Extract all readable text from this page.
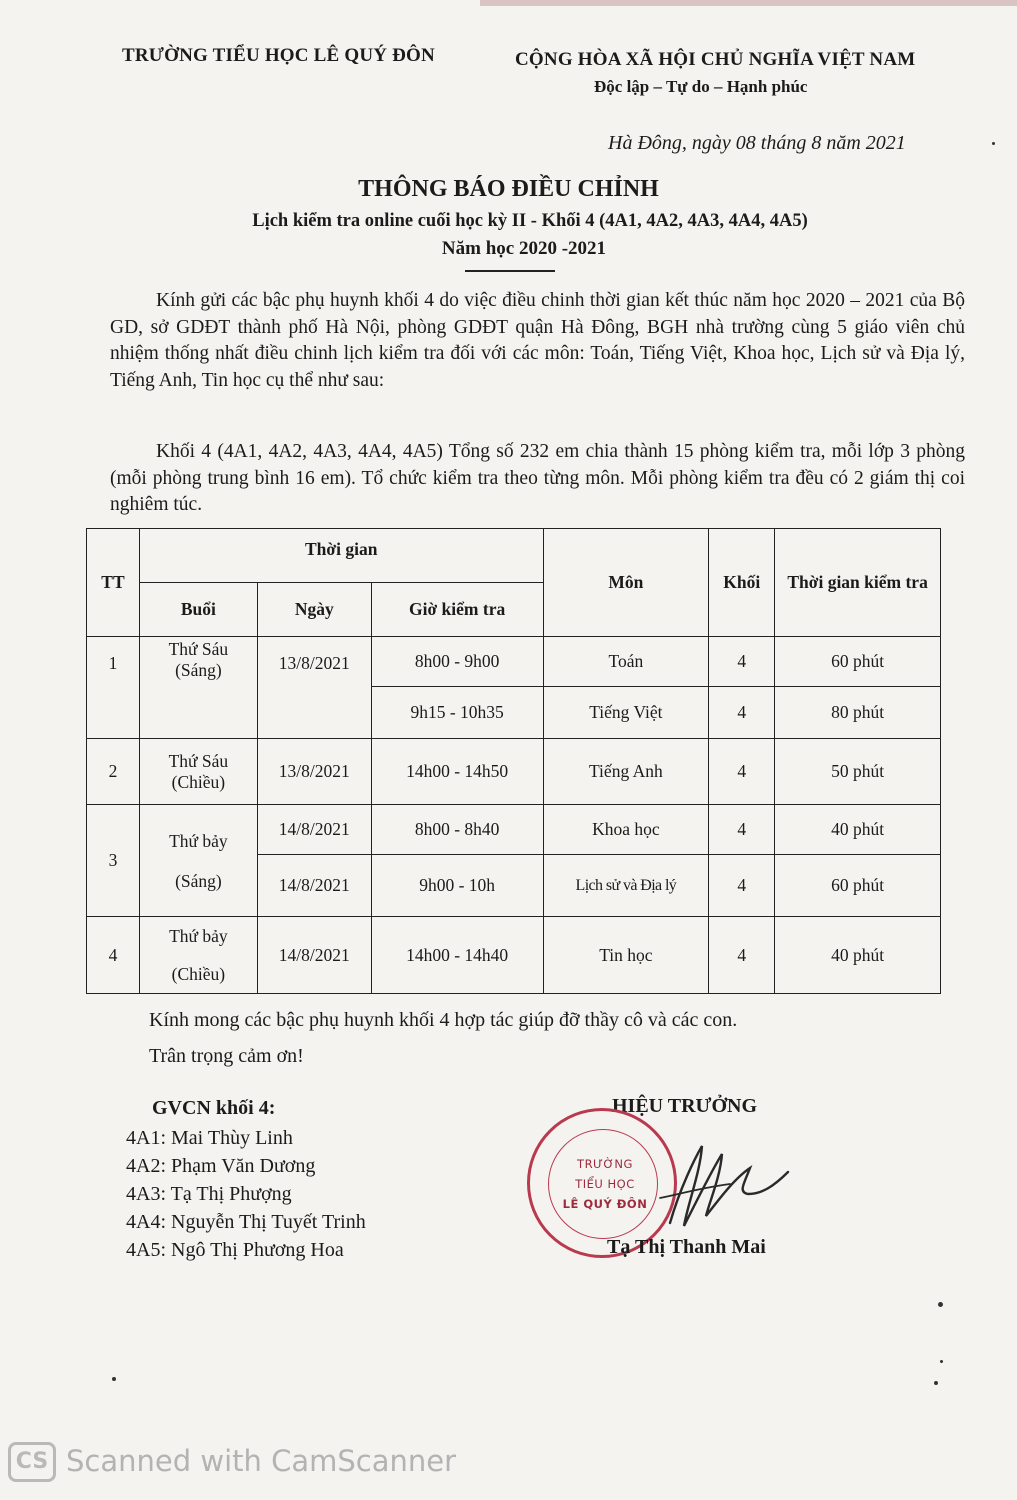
TRƯỜNG TIỂU HỌC LÊ QUÝ ĐÔN	CỘNG HÒA XÃ HỘI CHỦ NGHĨA VIỆT NAM
Độc lập – Tự do – Hạnh phúc
Hà Đông, ngày 08 tháng 8 năm 2021
THÔNG BÁO ĐIỀU CHỈNH
Lịch kiểm tra online cuối học kỳ II - Khối 4 (4A1, 4A2, 4A3, 4A4, 4A5)
Năm học 2020 -2021
Kính gửi các bậc phụ huynh khối 4 do việc điều chinh thời gian kết thúc năm học 2020 – 2021 của Bộ GD, sở GDĐT thành phố Hà Nội, phòng GDĐT quận Hà Đông, BGH nhà trường cùng 5 giáo viên chủ nhiệm thống nhất điều chinh lịch kiểm tra đối với các môn: Toán, Tiếng Việt, Khoa học, Lịch sử và Địa lý, Tiếng Anh, Tin học cụ thể như sau:
Khối 4 (4A1, 4A2, 4A3, 4A4, 4A5) Tổng số 232 em chia thành 15 phòng kiểm tra, mỗi lớp 3 phòng (mỗi phòng trung bình 16 em). Tổ chức kiểm tra theo từng môn. Mỗi phòng kiểm tra đều có 2 giám thị coi nghiêm túc.
TT	Thời gian			Môn	Khối	Thời gian kiểm tra
	Buổi	Ngày	Giờ kiểm tra			
1	Thứ Sáu (Sáng)	13/8/2021	8h00 - 9h00	Toán	4	60 phút
			9h15 - 10h35	Tiếng Việt	4	80 phút
2	Thứ Sáu (Chiều)	13/8/2021	14h00 - 14h50	Tiếng Anh	4	50 phút
3	Thứ bảy (Sáng)	14/8/2021	8h00 - 8h40	Khoa học	4	40 phút
		14/8/2021	9h00 - 10h	Lịch sử và Địa lý	4	60 phút
4	Thứ bảy (Chiều)	14/8/2021	14h00 - 14h40	Tin học	4	40 phút
Kính mong các bậc phụ huynh khối 4 hợp tác giúp đỡ thầy cô và các con.
Trân trọng cảm ơn!
GVCN khối 4:
4A1: Mai Thùy Linh
4A2: Phạm Văn Dương
4A3: Tạ Thị Phượng
4A4: Nguyễn Thị Tuyết Trinh
4A5: Ngô Thị Phương Hoa
HIỆU TRƯỞNG
TRƯỜNG
TIỂU HỌC
LÊ QUÝ ĐÔN
Tạ Thị Thanh Mai
CS Scanned with CamScanner
